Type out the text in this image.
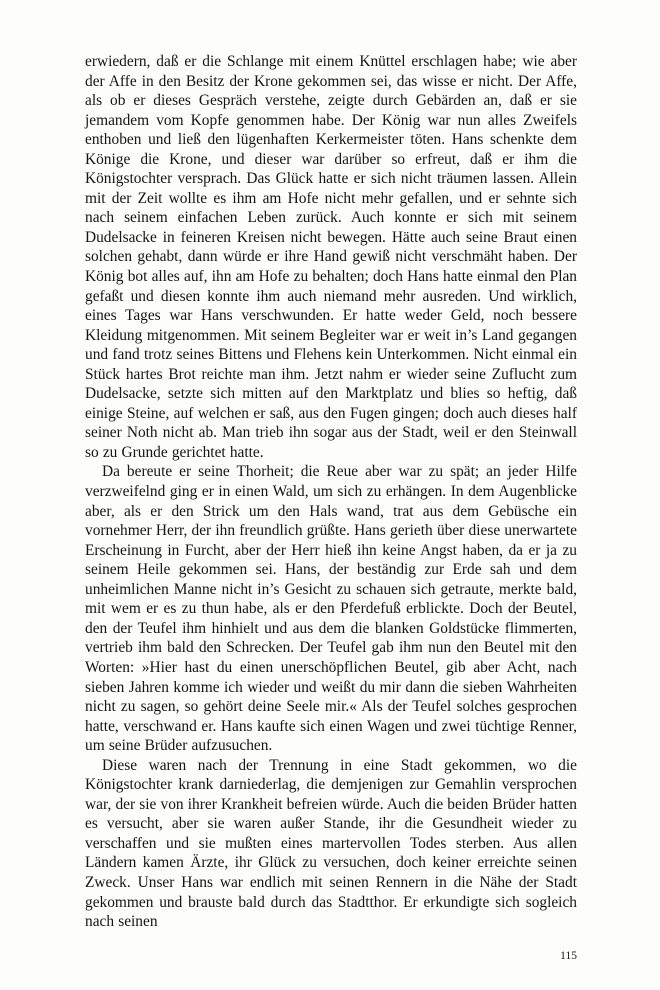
erwiedern, daß er die Schlange mit einem Knüttel erschlagen habe; wie aber der Affe in den Besitz der Krone gekommen sei, das wisse er nicht. Der Affe, als ob er dieses Gespräch verstehe, zeigte durch Gebärden an, daß er sie jemandem vom Kopfe genommen habe. Der König war nun alles Zweifels enthoben und ließ den lügenhaften Kerkermeister töten. Hans schenkte dem Könige die Krone, und dieser war darüber so erfreut, daß er ihm die Königstochter versprach. Das Glück hatte er sich nicht träumen lassen. Allein mit der Zeit wollte es ihm am Hofe nicht mehr gefallen, und er sehnte sich nach seinem einfachen Leben zurück. Auch konnte er sich mit seinem Dudelsacke in feineren Kreisen nicht bewegen. Hätte auch seine Braut einen solchen gehabt, dann würde er ihre Hand gewiß nicht verschmäht haben. Der König bot alles auf, ihn am Hofe zu behalten; doch Hans hatte einmal den Plan gefaßt und diesen konnte ihm auch niemand mehr ausreden. Und wirklich, eines Tages war Hans verschwunden. Er hatte weder Geld, noch bessere Kleidung mitgenommen. Mit seinem Begleiter war er weit in’s Land gegangen und fand trotz seines Bittens und Flehens kein Unterkommen. Nicht einmal ein Stück hartes Brot reichte man ihm. Jetzt nahm er wieder seine Zuflucht zum Dudelsacke, setzte sich mitten auf den Marktplatz und blies so heftig, daß einige Steine, auf welchen er saß, aus den Fugen gingen; doch auch dieses half seiner Noth nicht ab. Man trieb ihn sogar aus der Stadt, weil er den Steinwall so zu Grunde gerichtet hatte.

Da bereute er seine Thorheit; die Reue aber war zu spät; an jeder Hilfe verzweifelnd ging er in einen Wald, um sich zu erhängen. In dem Augenblicke aber, als er den Strick um den Hals wand, trat aus dem Gebüsche ein vornehmer Herr, der ihn freundlich grüßte. Hans gerieth über diese unerwartete Erscheinung in Furcht, aber der Herr hieß ihn keine Angst haben, da er ja zu seinem Heile gekommen sei. Hans, der beständig zur Erde sah und dem unheimlichen Manne nicht in’s Gesicht zu schauen sich getraute, merkte bald, mit wem er es zu thun habe, als er den Pferdefuß erblickte. Doch der Beutel, den der Teufel ihm hinhielt und aus dem die blanken Goldstücke flimmerten, vertrieb ihm bald den Schrecken. Der Teufel gab ihm nun den Beutel mit den Worten: »Hier hast du einen unerschöpflichen Beutel, gib aber Acht, nach sieben Jahren komme ich wieder und weißt du mir dann die sieben Wahrheiten nicht zu sagen, so gehört deine Seele mir.« Als der Teufel solches gesprochen hatte, verschwand er. Hans kaufte sich einen Wagen und zwei tüchtige Renner, um seine Brüder aufzusuchen.

Diese waren nach der Trennung in eine Stadt gekommen, wo die Königstochter krank darniederlag, die demjenigen zur Gemahlin versprochen war, der sie von ihrer Krankheit befreien würde. Auch die beiden Brüder hatten es versucht, aber sie waren außer Stande, ihr die Gesundheit wieder zu verschaffen und sie mußten eines martervollen Todes sterben. Aus allen Ländern kamen Ärzte, ihr Glück zu versuchen, doch keiner erreichte seinen Zweck. Unser Hans war endlich mit seinen Rennern in die Nähe der Stadt gekommen und brauste bald durch das Stadtthor. Er erkundigte sich sogleich nach seinen

115
